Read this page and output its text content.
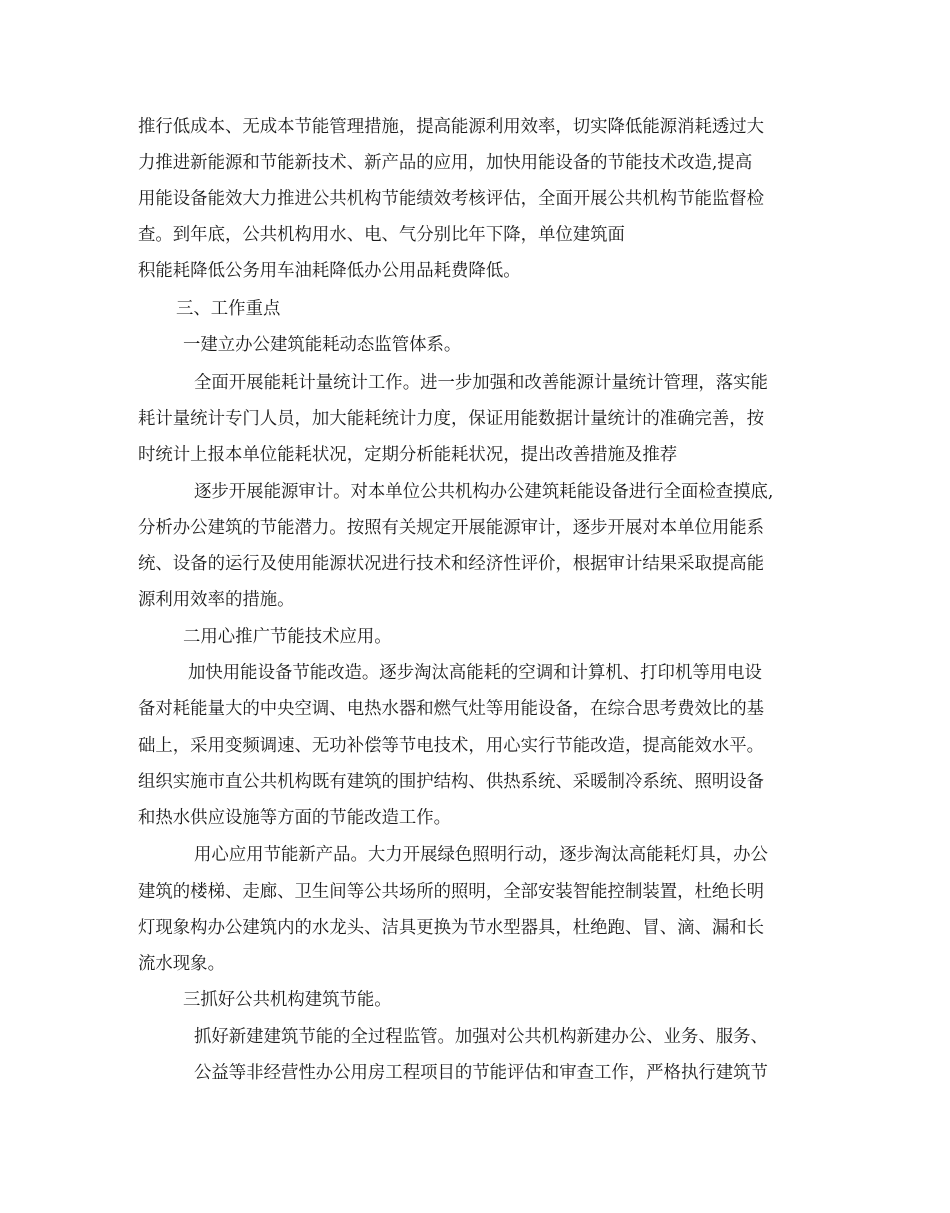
推行低成本、无成本节能管理措施，提高能源利用效率，切实降低能源消耗透过大
力推进新能源和节能新技术、新产品的应用，加快用能设备的节能技术改造,提高
用能设备能效大力推进公共机构节能绩效考核评估，全面开展公共机构节能监督检
查。到年底，公共机构用水、电、气分别比年下降，单位建筑面
积能耗降低公务用车油耗降低办公用品耗费降低。
三、工作重点
一建立办公建筑能耗动态监管体系。
全面开展能耗计量统计工作。进一步加强和改善能源计量统计管理，落实能
耗计量统计专门人员，加大能耗统计力度，保证用能数据计量统计的准确完善，按
时统计上报本单位能耗状况，定期分析能耗状况，提出改善措施及推荐
逐步开展能源审计。对本单位公共机构办公建筑耗能设备进行全面检查摸底,
分析办公建筑的节能潜力。按照有关规定开展能源审计，逐步开展对本单位用能系
统、设备的运行及使用能源状况进行技术和经济性评价，根据审计结果采取提高能
源利用效率的措施。
二用心推广节能技术应用。
加快用能设备节能改造。逐步淘汰高能耗的空调和计算机、打印机等用电设
备对耗能量大的中央空调、电热水器和燃气灶等用能设备，在综合思考费效比的基
础上，采用变频调速、无功补偿等节电技术，用心实行节能改造，提高能效水平。
组织实施市直公共机构既有建筑的围护结构、供热系统、采暖制冷系统、照明设备
和热水供应设施等方面的节能改造工作。
用心应用节能新产品。大力开展绿色照明行动，逐步淘汰高能耗灯具，办公
建筑的楼梯、走廊、卫生间等公共场所的照明，全部安装智能控制装置，杜绝长明
灯现象构办公建筑内的水龙头、洁具更换为节水型器具，杜绝跑、冒、滴、漏和长
流水现象。
三抓好公共机构建筑节能。
抓好新建建筑节能的全过程监管。加强对公共机构新建办公、业务、服务、
公益等非经营性办公用房工程项目的节能评估和审查工作，严格执行建筑节
